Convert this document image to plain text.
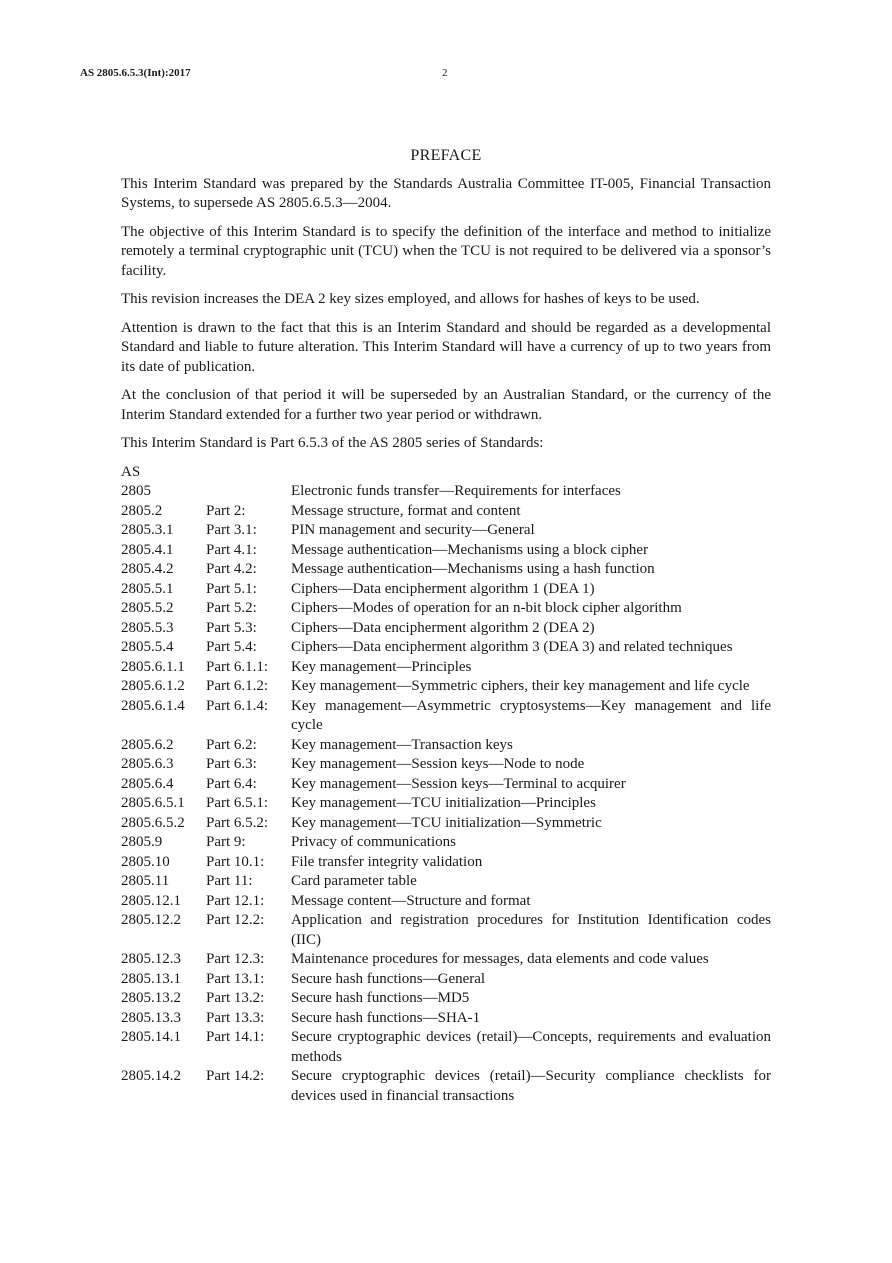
AS 2805.6.5.3(Int):2017	2
PREFACE

This Interim Standard was prepared by the Standards Australia Committee IT-005, Financial Transaction Systems, to supersede AS 2805.6.5.3—2004.

The objective of this Interim Standard is to specify the definition of the interface and method to initialize remotely a terminal cryptographic unit (TCU) when the TCU is not required to be delivered via a sponsor’s facility.

This revision increases the DEA 2 key sizes employed, and allows for hashes of keys to be used.

Attention is drawn to the fact that this is an Interim Standard and should be regarded as a developmental Standard and liable to future alteration. This Interim Standard will have a currency of up to two years from its date of publication.

At the conclusion of that period it will be superseded by an Australian Standard, or the currency of the Interim Standard extended for a further two year period or withdrawn.

This Interim Standard is Part 6.5.3 of the AS 2805 series of Standards:

AS
2805	Electronic funds transfer—Requirements for interfaces
2805.2	Part 2:	Message structure, format and content
2805.3.1	Part 3.1:	PIN management and security—General
2805.4.1	Part 4.1:	Message authentication—Mechanisms using a block cipher
2805.4.2	Part 4.2:	Message authentication—Mechanisms using a hash function
2805.5.1	Part 5.1:	Ciphers—Data encipherment algorithm 1 (DEA 1)
2805.5.2	Part 5.2:	Ciphers—Modes of operation for an n-bit block cipher algorithm
2805.5.3	Part 5.3:	Ciphers—Data encipherment algorithm 2 (DEA 2)
2805.5.4	Part 5.4:	Ciphers—Data encipherment algorithm 3 (DEA 3) and related techniques
2805.6.1.1	Part 6.1.1:	Key management—Principles
2805.6.1.2	Part 6.1.2:	Key management—Symmetric ciphers, their key management and life cycle
2805.6.1.4	Part 6.1.4:	Key management—Asymmetric cryptosystems—Key management and life cycle
2805.6.2	Part 6.2:	Key management—Transaction keys
2805.6.3	Part 6.3:	Key management—Session keys—Node to node
2805.6.4	Part 6.4:	Key management—Session keys—Terminal to acquirer
2805.6.5.1	Part 6.5.1:	Key management—TCU initialization—Principles
2805.6.5.2	Part 6.5.2:	Key management—TCU initialization—Symmetric
2805.9	Part 9:	Privacy of communications
2805.10	Part 10.1:	File transfer integrity validation
2805.11	Part 11:	Card parameter table
2805.12.1	Part 12.1:	Message content—Structure and format
2805.12.2	Part 12.2:	Application and registration procedures for Institution Identification codes (IIC)
2805.12.3	Part 12.3:	Maintenance procedures for messages, data elements and code values
2805.13.1	Part 13.1:	Secure hash functions—General
2805.13.2	Part 13.2:	Secure hash functions—MD5
2805.13.3	Part 13.3:	Secure hash functions—SHA-1
2805.14.1	Part 14.1:	Secure cryptographic devices (retail)—Concepts, requirements and evaluation methods
2805.14.2	Part 14.2:	Secure cryptographic devices (retail)—Security compliance checklists for devices used in financial transactions
